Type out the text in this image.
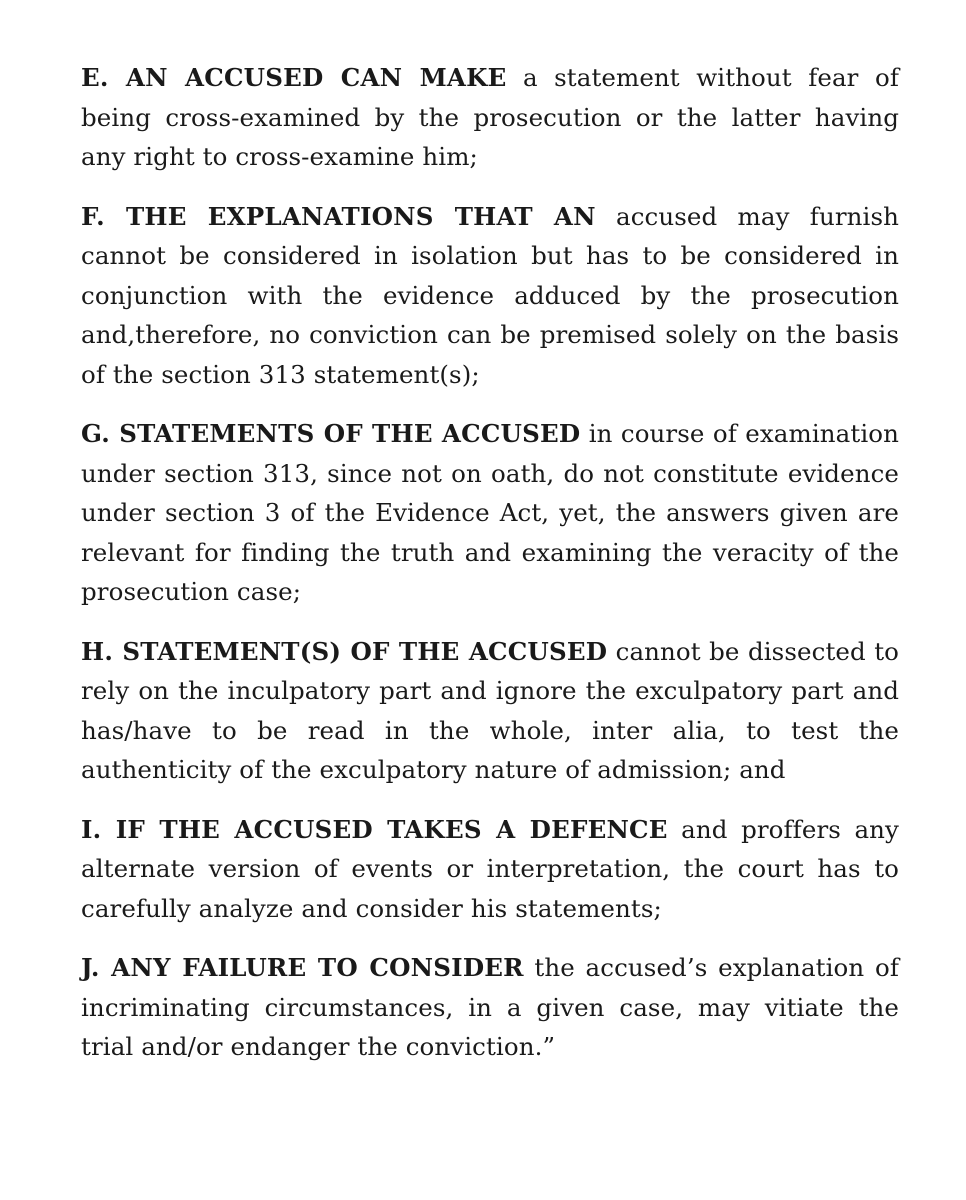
E. AN ACCUSED CAN MAKE a statement without fear of being cross-examined by the prosecution or the latter having any right to cross-examine him;

F. THE EXPLANATIONS THAT AN accused may furnish cannot be considered in isolation but has to be considered in conjunction with the evidence adduced by the prosecution and,therefore, no conviction can be premised solely on the basis of the section 313 statement(s);

G. STATEMENTS OF THE ACCUSED in course of examination under section 313, since not on oath, do not constitute evidence under section 3 of the Evidence Act, yet, the answers given are relevant for finding the truth and examining the veracity of the prosecution case;

H. STATEMENT(S) OF THE ACCUSED cannot be dissected to rely on the inculpatory part and ignore the exculpatory part and has/have to be read in the whole, inter alia, to test the authenticity of the exculpatory nature of admission; and

I. IF THE ACCUSED TAKES A DEFENCE and proffers any alternate version of events or interpretation, the court has to carefully analyze and consider his statements;

J. ANY FAILURE TO CONSIDER the accused’s explanation of incriminating circumstances, in a given case, may vitiate the trial and/or endanger the conviction.”
